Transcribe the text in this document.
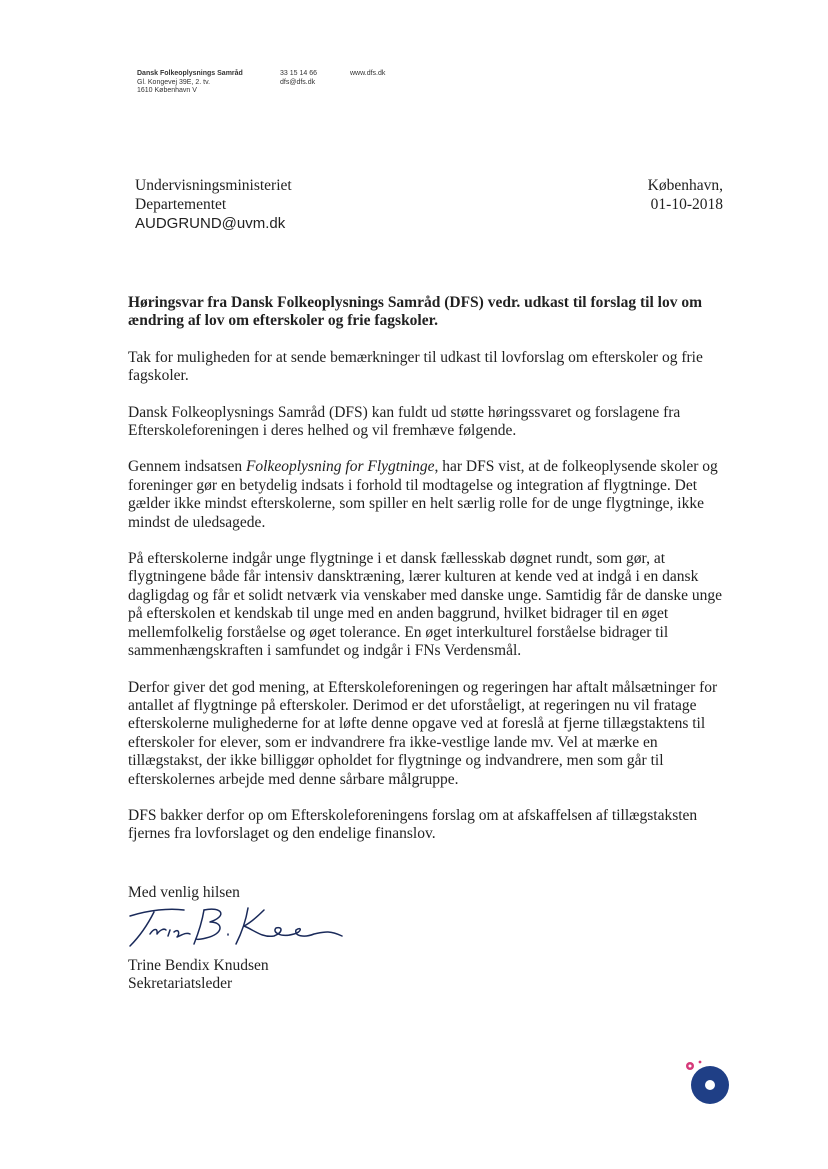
Dansk Folkeoplysnings Samråd
Gl. Kongevej 39E, 2. tv.
1610 København V
33 15 14 66
dfs@dfs.dk
www.dfs.dk
Undervisningsministeriet
Departementet
AUDGRUND@uvm.dk
København,
01-10-2018
Høringsvar fra Dansk Folkeoplysnings Samråd (DFS) vedr. udkast til forslag til lov om ændring af lov om efterskoler og frie fagskoler.

Tak for muligheden for at sende bemærkninger til udkast til lovforslag om efterskoler og frie fagskoler.

Dansk Folkeoplysnings Samråd (DFS) kan fuldt ud støtte høringssvaret og forslagene fra Efterskoleforeningen i deres helhed og vil fremhæve følgende.

Gennem indsatsen Folkeoplysning for Flygtninge, har DFS vist, at de folkeoplysende skoler og foreninger gør en betydelig indsats i forhold til modtagelse og integration af flygtninge. Det gælder ikke mindst efterskolerne, som spiller en helt særlig rolle for de unge flygtninge, ikke mindst de uledsagede.

På efterskolerne indgår unge flygtninge i et dansk fællesskab døgnet rundt, som gør, at flygtningene både får intensiv dansktræning, lærer kulturen at kende ved at indgå i en dansk dagligdag og får et solidt netværk via venskaber med danske unge. Samtidig får de danske unge på efterskolen et kendskab til unge med en anden baggrund, hvilket bidrager til en øget mellemfolkelig forståelse og øget tolerance. En øget interkulturel forståelse bidrager til sammenhængskraften i samfundet og indgår i FNs Verdensmål.

Derfor giver det god mening, at Efterskoleforeningen og regeringen har aftalt målsætninger for antallet af flygtninge på efterskoler. Derimod er det uforståeligt, at regeringen nu vil fratage efterskolerne mulighederne for at løfte denne opgave ved at foreslå at fjerne tillægstaktens til efterskoler for elever, som er indvandrere fra ikke-vestlige lande mv. Vel at mærke en tillægstakst, der ikke billiggør opholdet for flygtninge og indvandrere, men som går til efterskolernes arbejde med denne sårbare målgruppe.

DFS bakker derfor op om Efterskoleforeningens forslag om at afskaffelsen af tillægstaksten fjernes fra lovforslaget og den endelige finanslov.

Med venlig hilsen
Trine Bendix Knudsen
Sekretariatsleder
